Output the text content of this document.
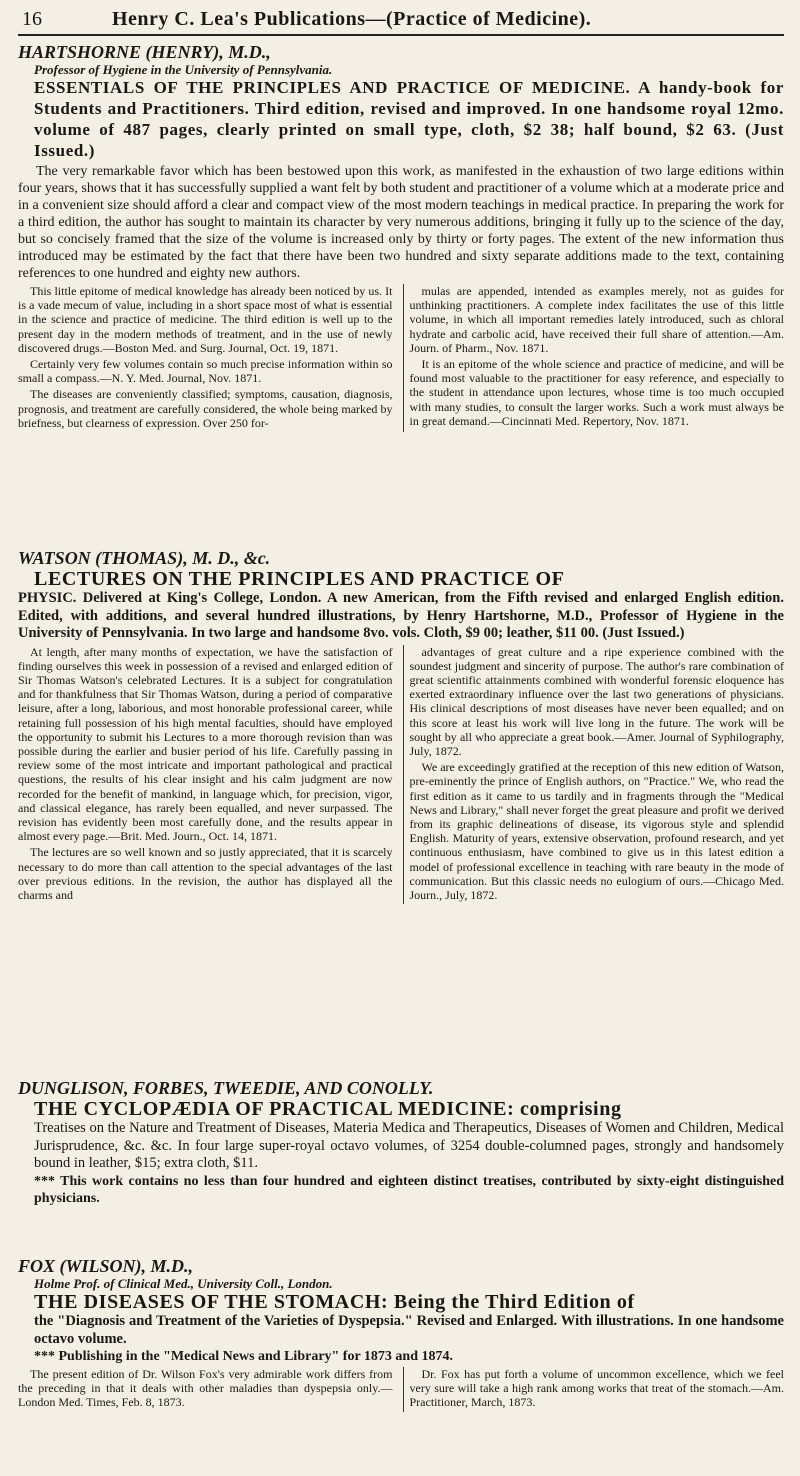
16	Henry C. Lea's Publications—(Practice of Medicine).

HARTSHORNE (HENRY), M.D.,

Professor of Hygiene in the University of Pennsylvania.

ESSENTIALS OF THE PRINCIPLES AND PRACTICE OF MEDICINE. A handy-book for Students and Practitioners. Third edition, revised and improved. In one handsome royal 12mo. volume of 487 pages, clearly printed on small type, cloth, $2 38; half bound, $2 63. (Just Issued.)

The very remarkable favor which has been bestowed upon this work, as manifested in the exhaustion of two large editions within four years, shows that it has successfully supplied a want felt by both student and practitioner of a volume which at a moderate price and in a convenient size should afford a clear and compact view of the most modern teachings in medical practice. In preparing the work for a third edition, the author has sought to maintain its character by very numerous additions, bringing it fully up to the science of the day, but so concisely framed that the size of the volume is increased only by thirty or forty pages. The extent of the new information thus introduced may be estimated by the fact that there have been two hundred and sixty separate additions made to the text, containing references to one hundred and eighty new authors.

This little epitome of medical knowledge has already been noticed by us. It is a vade mecum of value, including in a short space most of what is essential in the science and practice of medicine. The third edition is well up to the present day in the modern methods of treatment, and in the use of newly discovered drugs.—Boston Med. and Surg. Journal, Oct. 19, 1871.

Certainly very few volumes contain so much precise information within so small a compass.—N. Y. Med. Journal, Nov. 1871.

The diseases are conveniently classified; symptoms, causation, diagnosis, prognosis, and treatment are carefully considered, the whole being marked by briefness, but clearness of expression. Over 250 for-

mulas are appended, intended as examples merely, not as guides for unthinking practitioners. A complete index facilitates the use of this little volume, in which all important remedies lately introduced, such as chloral hydrate and carbolic acid, have received their full share of attention.—Am. Journ. of Pharm., Nov. 1871.

It is an epitome of the whole science and practice of medicine, and will be found most valuable to the practitioner for easy reference, and especially to the student in attendance upon lectures, whose time is too much occupied with many studies, to consult the larger works. Such a work must always be in great demand.—Cincinnati Med. Repertory, Nov. 1871.

WATSON (THOMAS), M. D., &c.

LECTURES ON THE PRINCIPLES AND PRACTICE OF

PHYSIC. Delivered at King's College, London. A new American, from the Fifth revised and enlarged English edition. Edited, with additions, and several hundred illustrations, by Henry Hartshorne, M.D., Professor of Hygiene in the University of Pennsylvania. In two large and handsome 8vo. vols. Cloth, $9 00; leather, $11 00. (Just Issued.)

At length, after many months of expectation, we have the satisfaction of finding ourselves this week in possession of a revised and enlarged edition of Sir Thomas Watson's celebrated Lectures. It is a subject for congratulation and for thankfulness that Sir Thomas Watson, during a period of comparative leisure, after a long, laborious, and most honorable professional career, while retaining full possession of his high mental faculties, should have employed the opportunity to submit his Lectures to a more thorough revision than was possible during the earlier and busier period of his life. Carefully passing in review some of the most intricate and important pathological and practical questions, the results of his clear insight and his calm judgment are now recorded for the benefit of mankind, in language which, for precision, vigor, and classical elegance, has rarely been equalled, and never surpassed. The revision has evidently been most carefully done, and the results appear in almost every page.—Brit. Med. Journ., Oct. 14, 1871.

The lectures are so well known and so justly appreciated, that it is scarcely necessary to do more than call attention to the special advantages of the last over previous editions. In the revision, the author has displayed all the charms and

advantages of great culture and a ripe experience combined with the soundest judgment and sincerity of purpose. The author's rare combination of great scientific attainments combined with wonderful forensic eloquence has exerted extraordinary influence over the last two generations of physicians. His clinical descriptions of most diseases have never been equalled; and on this score at least his work will live long in the future. The work will be sought by all who appreciate a great book.—Amer. Journal of Syphilography, July, 1872.

We are exceedingly gratified at the reception of this new edition of Watson, pre-eminently the prince of English authors, on "Practice." We, who read the first edition as it came to us tardily and in fragments through the "Medical News and Library," shall never forget the great pleasure and profit we derived from its graphic delineations of disease, its vigorous style and splendid English. Maturity of years, extensive observation, profound research, and yet continuous enthusiasm, have combined to give us in this latest edition a model of professional excellence in teaching with rare beauty in the mode of communication. But this classic needs no eulogium of ours.—Chicago Med. Journ., July, 1872.

DUNGLISON, FORBES, TWEEDIE, AND CONOLLY.

THE CYCLOPÆDIA OF PRACTICAL MEDICINE: comprising

Treatises on the Nature and Treatment of Diseases, Materia Medica and Therapeutics, Diseases of Women and Children, Medical Jurisprudence, &c. &c. In four large super-royal octavo volumes, of 3254 double-columned pages, strongly and handsomely bound in leather, $15; extra cloth, $11.

*** This work contains no less than four hundred and eighteen distinct treatises, contributed by sixty-eight distinguished physicians.

FOX (WILSON), M.D.,

Holme Prof. of Clinical Med., University Coll., London.

THE DISEASES OF THE STOMACH: Being the Third Edition of

the "Diagnosis and Treatment of the Varieties of Dyspepsia." Revised and Enlarged. With illustrations. In one handsome octavo volume.

*** Publishing in the "Medical News and Library" for 1873 and 1874.

The present edition of Dr. Wilson Fox's very admirable work differs from the preceding in that it deals with other maladies than dyspepsia only.—London Med. Times, Feb. 8, 1873.

Dr. Fox has put forth a volume of uncommon excellence, which we feel very sure will take a high rank among works that treat of the stomach.—Am. Practitioner, March, 1873.
